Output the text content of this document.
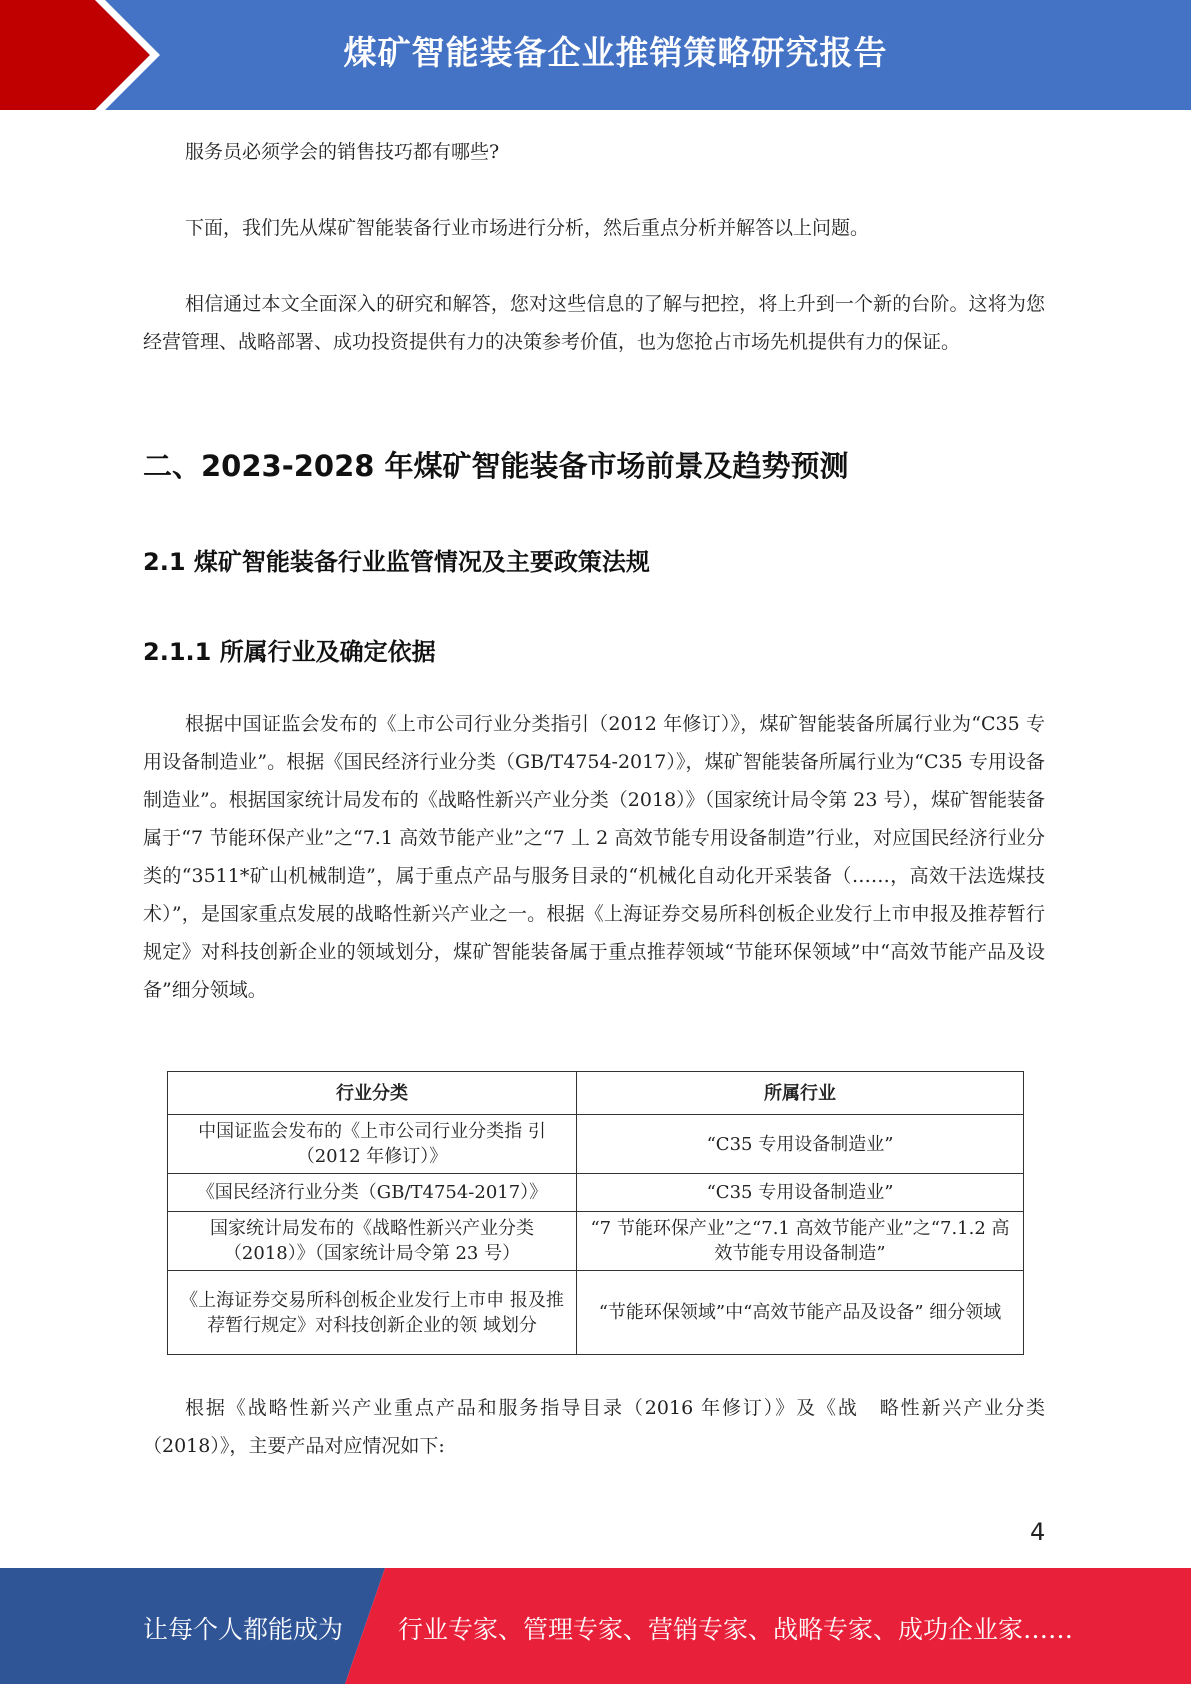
煤矿智能装备企业推销策略研究报告

服务员必须学会的销售技巧都有哪些?

下面，我们先从煤矿智能装备行业市场进行分析，然后重点分析并解答以上问题。

相信通过本文全面深入的研究和解答，您对这些信息的了解与把控，将上升到一个新的台阶。这将为您经营管理、战略部署、成功投资提供有力的决策参考价值，也为您抢占市场先机提供有力的保证。

二、2023-2028 年煤矿智能装备市场前景及趋势预测
2.1 煤矿智能装备行业监管情况及主要政策法规
2.1.1 所属行业及确定依据

根据中国证监会发布的《上市公司行业分类指引（2012 年修订）》，煤矿智能装备所属行业为“C35 专用设备制造业”。根据《国民经济行业分类（GB/T4754-2017）》，煤矿智能装备所属行业为“C35 专用设备制造业”。根据国家统计局发布的《战略性新兴产业分类（2018）》（国家统计局令第 23 号），煤矿智能装备属于“7 节能环保产业”之“7.1 高效节能产业”之“7 丄 2 高效节能专用设备制造”行业，对应国民经济行业分类的“3511*矿山机械制造”，属于重点产品与服务目录的“机械化自动化开采装备（……，高效干法选煤技术）”，是国家重点发展的战略性新兴产业之一。根据《上海证券交易所科创板企业发行上市申报及推荐暂行规定》对科技创新企业的领域划分，煤矿智能装备属于重点推荐领域“节能环保领域”中“高效节能产品及设备”细分领域。

行业分类	所属行业
中国证监会发布的《上市公司行业分类指 引（2012 年修订）》	“C35 专用设备制造业”
《国民经济行业分类（GB/T4754-2017）》	“C35 专用设备制造业”
国家统计局发布的《战略性新兴产业分类（2018）》（国家统计局令第 23 号）	“7 节能环保产业”之“7.1 高效节能产业”之“7.1.2 高效节能专用设备制造”
《上海证券交易所科创板企业发行上市申 报及推荐暂行规定》对科技创新企业的领 域划分	“节能环保领域”中“高效节能产品及设备” 细分领域

根据《战略性新兴产业重点产品和服务指导目录（2016 年修订）》及《战　略性新兴产业分类（2018）》，主要产品对应情况如下:

4
让每个人都能成为 行业专家、管理专家、营销专家、战略专家、成功企业家……
